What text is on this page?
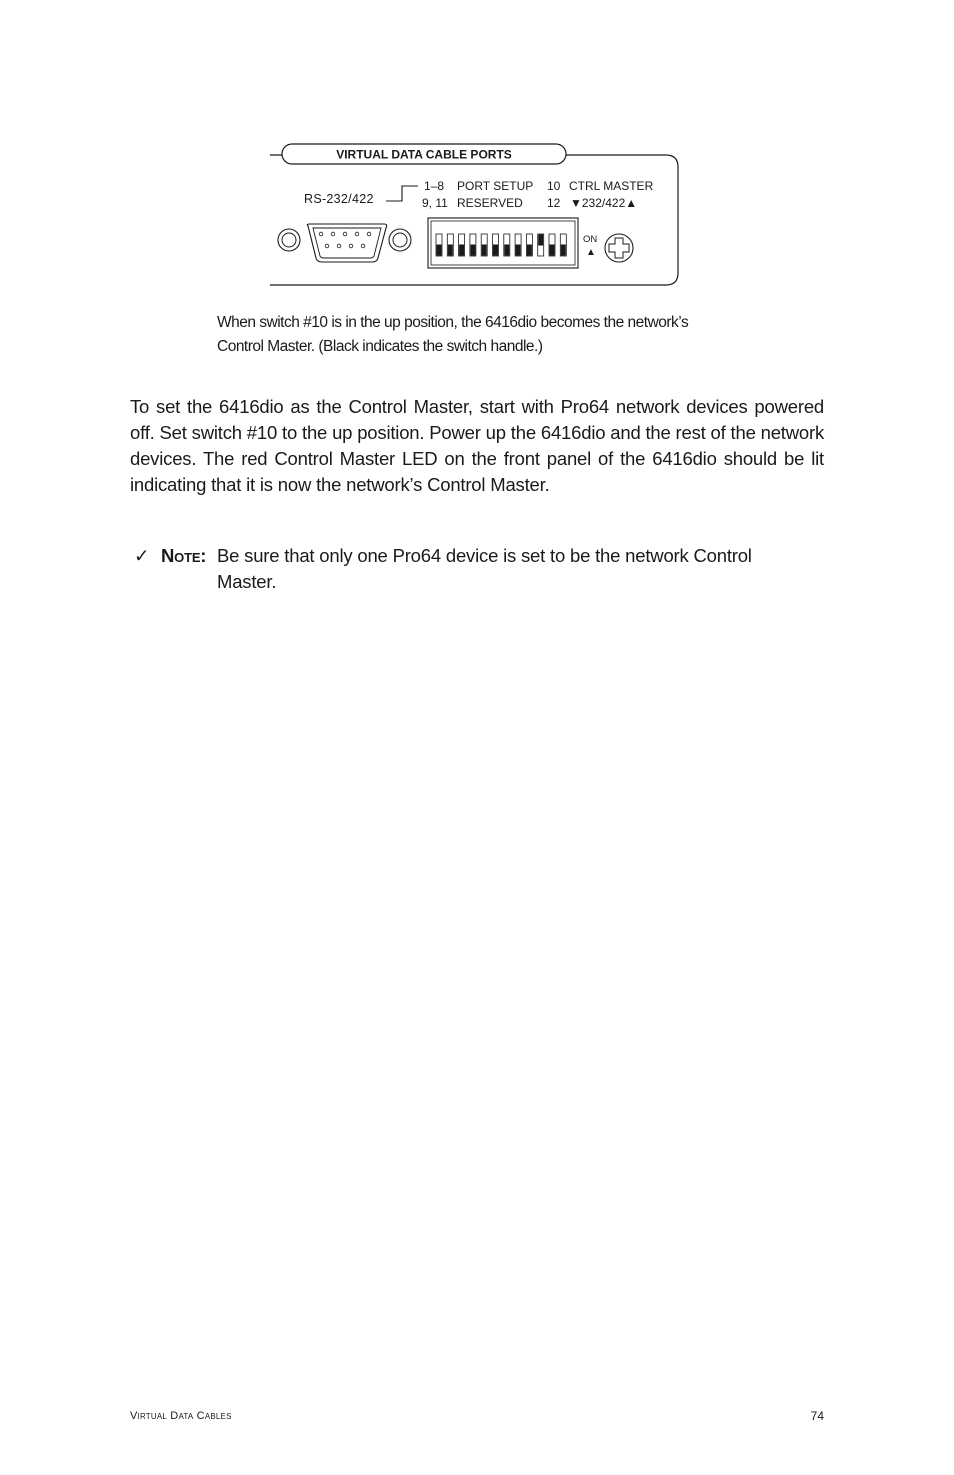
VIRTUAL DATA CABLE PORTS
RS-232/422
1–8 PORT SETUP 10 CTRL MASTER
9, 11 RESERVED 12 ▼232/422▲
ON
▲
When switch #10 is in the up position, the 6416dio becomes the network’s
Control Master. (Black indicates the switch handle.)

To set the 6416dio as the Control Master, start with Pro64 network devices powered off. Set switch #10 to the up position. Power up the 6416dio and the rest of the network devices. The red Control Master LED on the front panel of the 6416dio should be lit indicating that it is now the network’s Control Master.

✓ Note: Be sure that only one Pro64 device is set to be the network Control
Master.
Virtual Data Cables	74
